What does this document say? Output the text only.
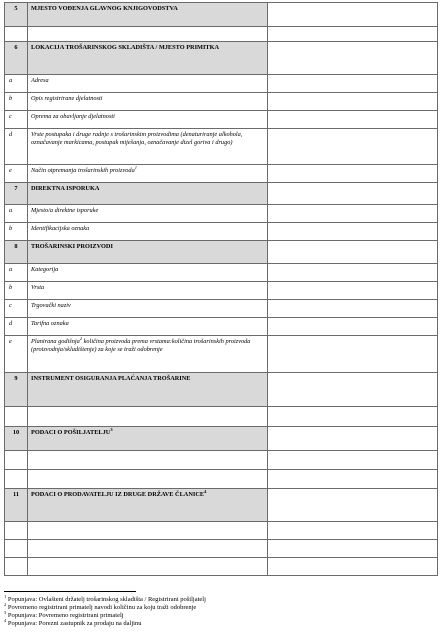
5	MJESTO VOĐENJA GLAVNOG KNJIGOVODSTVA	

6	LOKACIJA TROŠARINSKOG SKLADIŠTA / MJESTO PRIMITKA	
a	Adresa	
b	Opis registrirane djelatnosti	
c	Oprema za obavljanje djelatnosti	
d	Vrste postupaka i druge radnje s trošarinskim proizvodima (denaturiranje alkohola, označavanje markicama, postupak miješanja, označavanje dizel goriva i drugo)	
e	Način otpremanja trošarinskih proizvoda$^1$	
7	DIREKTNA ISPORUKA	
a	Mjesto/a direktne isporuke	
b	Identifikacijska oznaka	
8	TROŠARINSKI PROIZVODI	
a	Kategorija	
b	Vrsta	
c	Trgovački naziv	
d	Tarifna oznaka	
e	Planirana godišnja$^2$ količina proizvoda prema vrstama:količina trošarinskih proizvoda (proizvodnja/skladištenje) za koje se traži odobrenje	
9	INSTRUMENT OSIGURANJA PLAĆANJA TROŠARINE	

10	PODACI O POŠILJATELJU$^3$	

11	PODACI O PRODAVATELJU IZ DRUGE DRŽAVE ČLANICE$^4$	

$^1$ Popunjava: Ovlašteni držatelj trošarinskog skladišta / Registrirani pošiljatelj
$^2$ Povremeno registrirani primatelj navodi količinu za koju traži odobrenje
$^3$ Popunjava: Povremeno registrirani primatelj
$^4$ Popunjava: Porezni zastupnik za prodaju na daljinu
